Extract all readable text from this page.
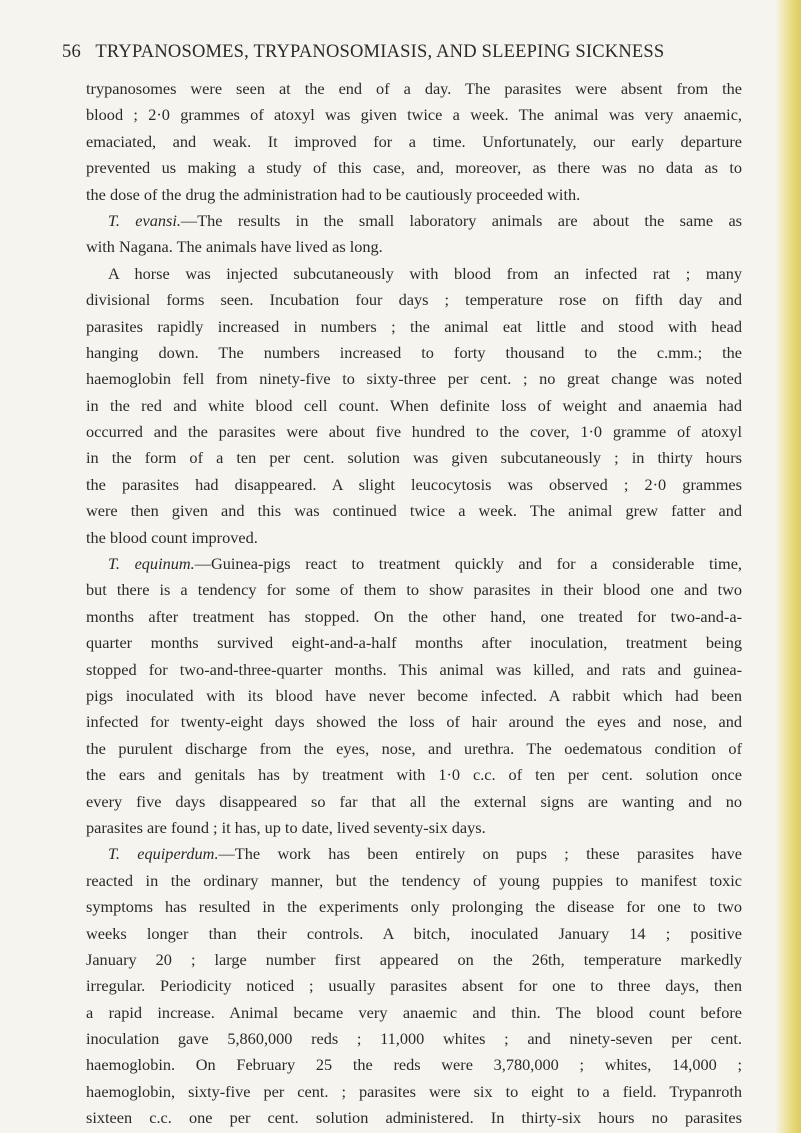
56 TRYPANOSOMES, TRYPANOSOMIASIS, AND SLEEPING SICKNESS
trypanosomes were seen at the end of a day. The parasites were absent from the
blood ; 2·0 grammes of atoxyl was given twice a week. The animal was very anaemic,
emaciated, and weak. It improved for a time. Unfortunately, our early departure
prevented us making a study of this case, and, moreover, as there was no data as to
the dose of the drug the administration had to be cautiously proceeded with.
T. evansi.—The results in the small laboratory animals are about the same as
with Nagana. The animals have lived as long.
A horse was injected subcutaneously with blood from an infected rat ; many
divisional forms seen. Incubation four days ; temperature rose on fifth day and
parasites rapidly increased in numbers ; the animal eat little and stood with head
hanging down. The numbers increased to forty thousand to the c.mm.; the
haemoglobin fell from ninety-five to sixty-three per cent. ; no great change was noted
in the red and white blood cell count. When definite loss of weight and anaemia had
occurred and the parasites were about five hundred to the cover, 1·0 gramme of atoxyl
in the form of a ten per cent. solution was given subcutaneously ; in thirty hours
the parasites had disappeared. A slight leucocytosis was observed ; 2·0 grammes
were then given and this was continued twice a week. The animal grew fatter and
the blood count improved.
T. equinum.—Guinea-pigs react to treatment quickly and for a considerable time,
but there is a tendency for some of them to show parasites in their blood one and two
months after treatment has stopped. On the other hand, one treated for two-and-a-
quarter months survived eight-and-a-half months after inoculation, treatment being
stopped for two-and-three-quarter months. This animal was killed, and rats and guinea-
pigs inoculated with its blood have never become infected. A rabbit which had been
infected for twenty-eight days showed the loss of hair around the eyes and nose, and
the purulent discharge from the eyes, nose, and urethra. The oedematous condition of
the ears and genitals has by treatment with 1·0 c.c. of ten per cent. solution once
every five days disappeared so far that all the external signs are wanting and no
parasites are found ; it has, up to date, lived seventy-six days.
T. equiperdum.—The work has been entirely on pups ; these parasites have
reacted in the ordinary manner, but the tendency of young puppies to manifest toxic
symptoms has resulted in the experiments only prolonging the disease for one to two
weeks longer than their controls. A bitch, inoculated January 14 ; positive
January 20 ; large number first appeared on the 26th, temperature markedly
irregular. Periodicity noticed ; usually parasites absent for one to three days, then
a rapid increase. Animal became very anaemic and thin. The blood count before
inoculation gave 5,860,000 reds ; 11,000 whites ; and ninety-seven per cent.
haemoglobin. On February 25 the reds were 3,780,000 ; whites, 14,000 ;
haemoglobin, sixty-five per cent. ; parasites were six to eight to a field. Trypanroth
sixteen c.c. one per cent. solution administered. In thirty-six hours no parasites
